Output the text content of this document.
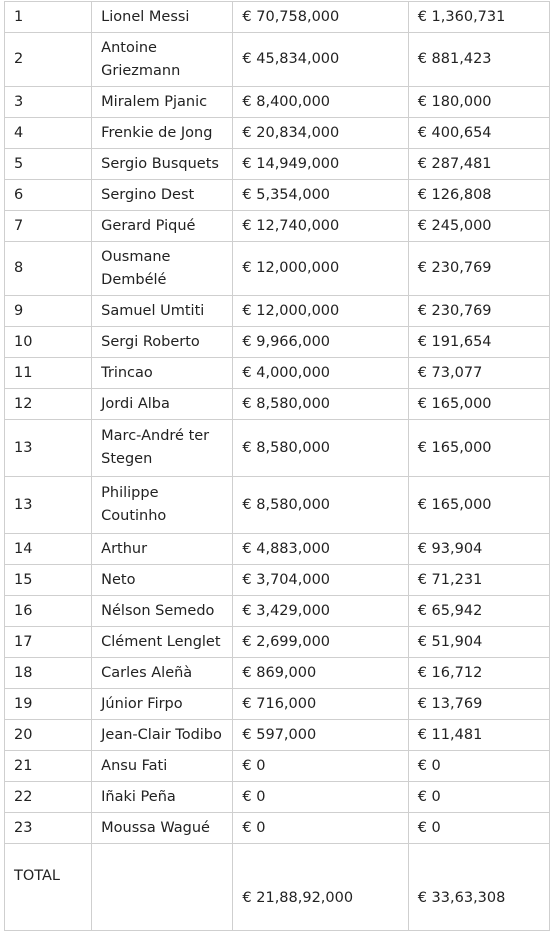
1	Lionel Messi	€ 70,758,000	€ 1,360,731
2	Antoine Griezmann	€ 45,834,000	€ 881,423
3	Miralem Pjanic	€ 8,400,000	€ 180,000
4	Frenkie de Jong	€ 20,834,000	€ 400,654
5	Sergio Busquets	€ 14,949,000	€ 287,481
6	Sergino Dest	€ 5,354,000	€ 126,808
7	Gerard Piqué	€ 12,740,000	€ 245,000
8	Ousmane Dembélé	€ 12,000,000	€ 230,769
9	Samuel Umtiti	€ 12,000,000	€ 230,769
10	Sergi Roberto	€ 9,966,000	€ 191,654
11	Trincao	€ 4,000,000	€ 73,077
12	Jordi Alba	€ 8,580,000	€ 165,000
13	Marc-André ter Stegen	€ 8,580,000	€ 165,000
13	Philippe Coutinho	€ 8,580,000	€ 165,000
14	Arthur	€ 4,883,000	€ 93,904
15	Neto	€ 3,704,000	€ 71,231
16	Nélson Semedo	€ 3,429,000	€ 65,942
17	Clément Lenglet	€ 2,699,000	€ 51,904
18	Carles Aleñà	€ 869,000	€ 16,712
19	Júnior Firpo	€ 716,000	€ 13,769
20	Jean-Clair Todibo	€ 597,000	€ 11,481
21	Ansu Fati	€ 0	€ 0
22	Iñaki Peña	€ 0	€ 0
23	Moussa Wagué	€ 0	€ 0
TOTAL		€ 21,88,92,000	€ 33,63,308
